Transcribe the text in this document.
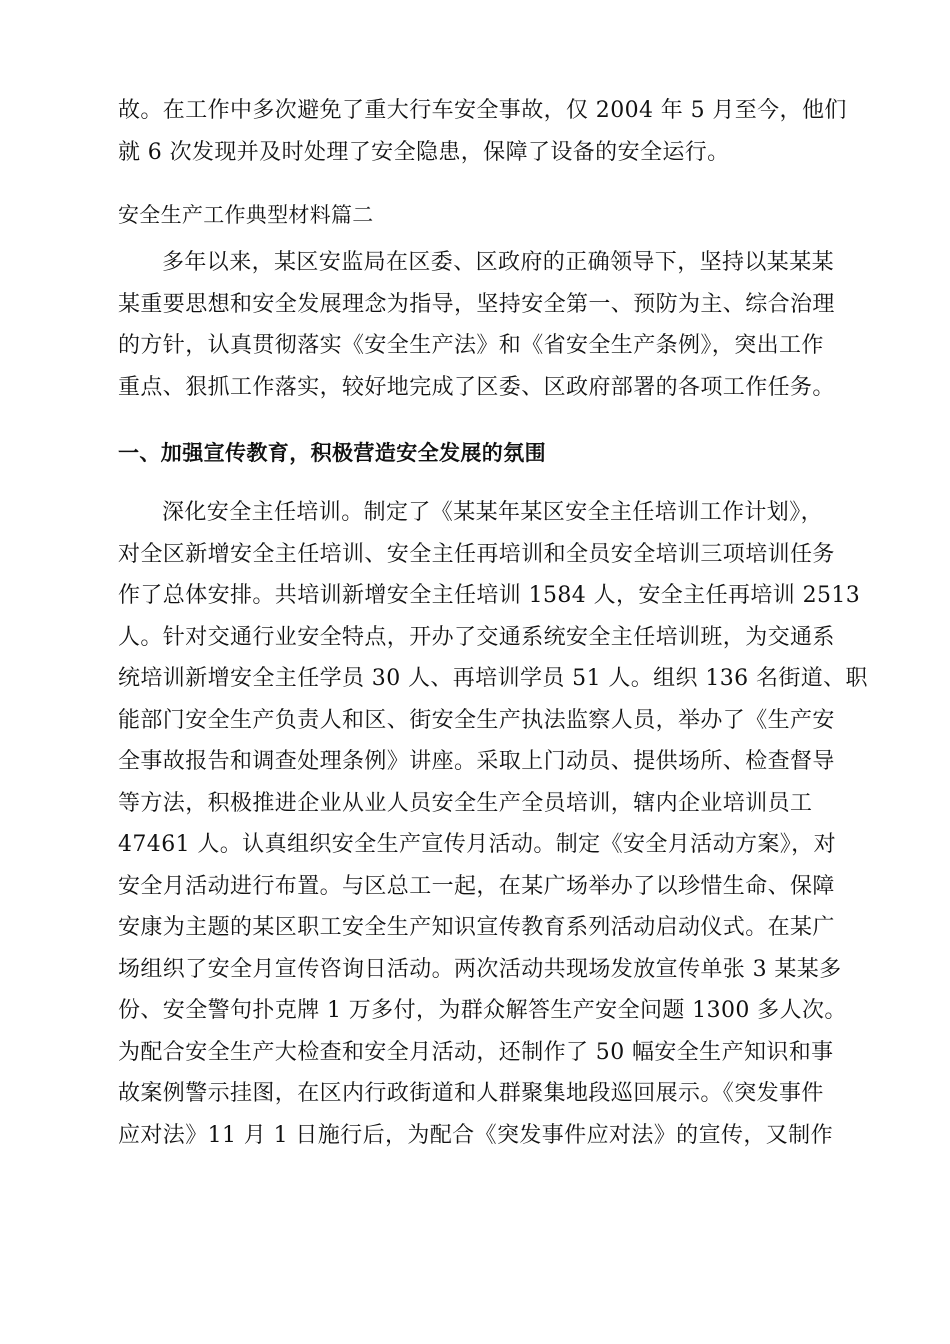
故。在工作中多次避免了重大行车安全事故，仅 2004 年 5 月至今，他们
就 6 次发现并及时处理了安全隐患，保障了设备的安全运行。
安全生产工作典型材料篇二
多年以来，某区安监局在区委、区政府的正确领导下，坚持以某某某
某重要思想和安全发展理念为指导，坚持安全第一、预防为主、综合治理
的方针，认真贯彻落实《安全生产法》和《省安全生产条例》，突出工作
重点、狠抓工作落实，较好地完成了区委、区政府部署的各项工作任务。
一、加强宣传教育，积极营造安全发展的氛围
深化安全主任培训。制定了《某某年某区安全主任培训工作计划》，
对全区新增安全主任培训、安全主任再培训和全员安全培训三项培训任务
作了总体安排。共培训新增安全主任培训 1584 人，安全主任再培训 2513
人。针对交通行业安全特点，开办了交通系统安全主任培训班，为交通系
统培训新增安全主任学员 30 人、再培训学员 51 人。组织 136 名街道、职
能部门安全生产负责人和区、街安全生产执法监察人员，举办了《生产安
全事故报告和调查处理条例》讲座。采取上门动员、提供场所、检查督导
等方法，积极推进企业从业人员安全生产全员培训，辖内企业培训员工
47461 人。认真组织安全生产宣传月活动。制定《安全月活动方案》，对
安全月活动进行布置。与区总工一起，在某广场举办了以珍惜生命、保障
安康为主题的某区职工安全生产知识宣传教育系列活动启动仪式。在某广
场组织了安全月宣传咨询日活动。两次活动共现场发放宣传单张 3 某某多
份、安全警句扑克牌 1 万多付，为群众解答生产安全问题 1300 多人次。
为配合安全生产大检查和安全月活动，还制作了 50 幅安全生产知识和事
故案例警示挂图，在区内行政街道和人群聚集地段巡回展示。《突发事件
应对法》11 月 1 日施行后，为配合《突发事件应对法》的宣传，又制作
